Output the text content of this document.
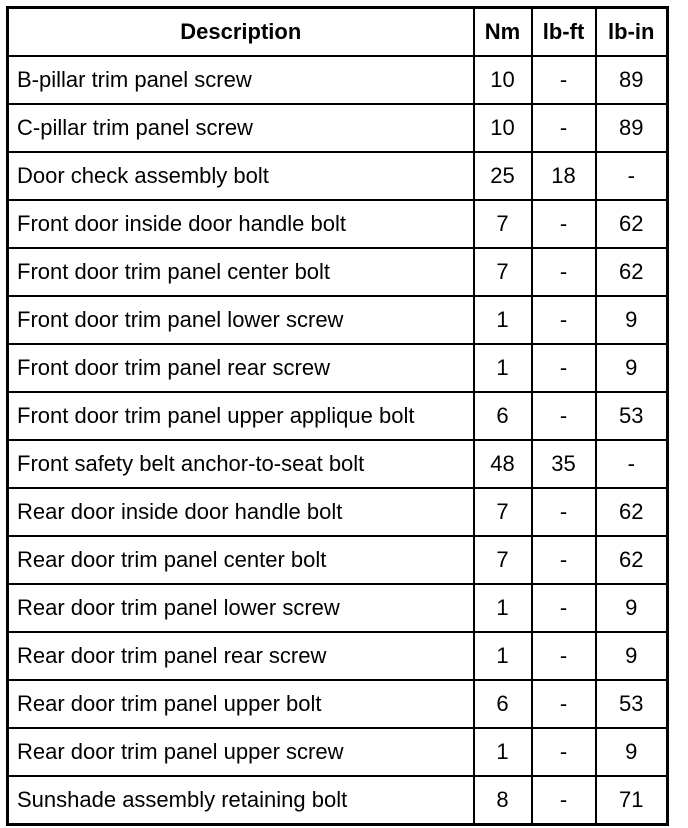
Description	Nm	lb-ft	lb-in
B-pillar trim panel screw	10	-	89
C-pillar trim panel screw	10	-	89
Door check assembly bolt	25	18	-
Front door inside door handle bolt	7	-	62
Front door trim panel center bolt	7	-	62
Front door trim panel lower screw	1	-	9
Front door trim panel rear screw	1	-	9
Front door trim panel upper applique bolt	6	-	53
Front safety belt anchor-to-seat bolt	48	35	-
Rear door inside door handle bolt	7	-	62
Rear door trim panel center bolt	7	-	62
Rear door trim panel lower screw	1	-	9
Rear door trim panel rear screw	1	-	9
Rear door trim panel upper bolt	6	-	53
Rear door trim panel upper screw	1	-	9
Sunshade assembly retaining bolt	8	-	71
